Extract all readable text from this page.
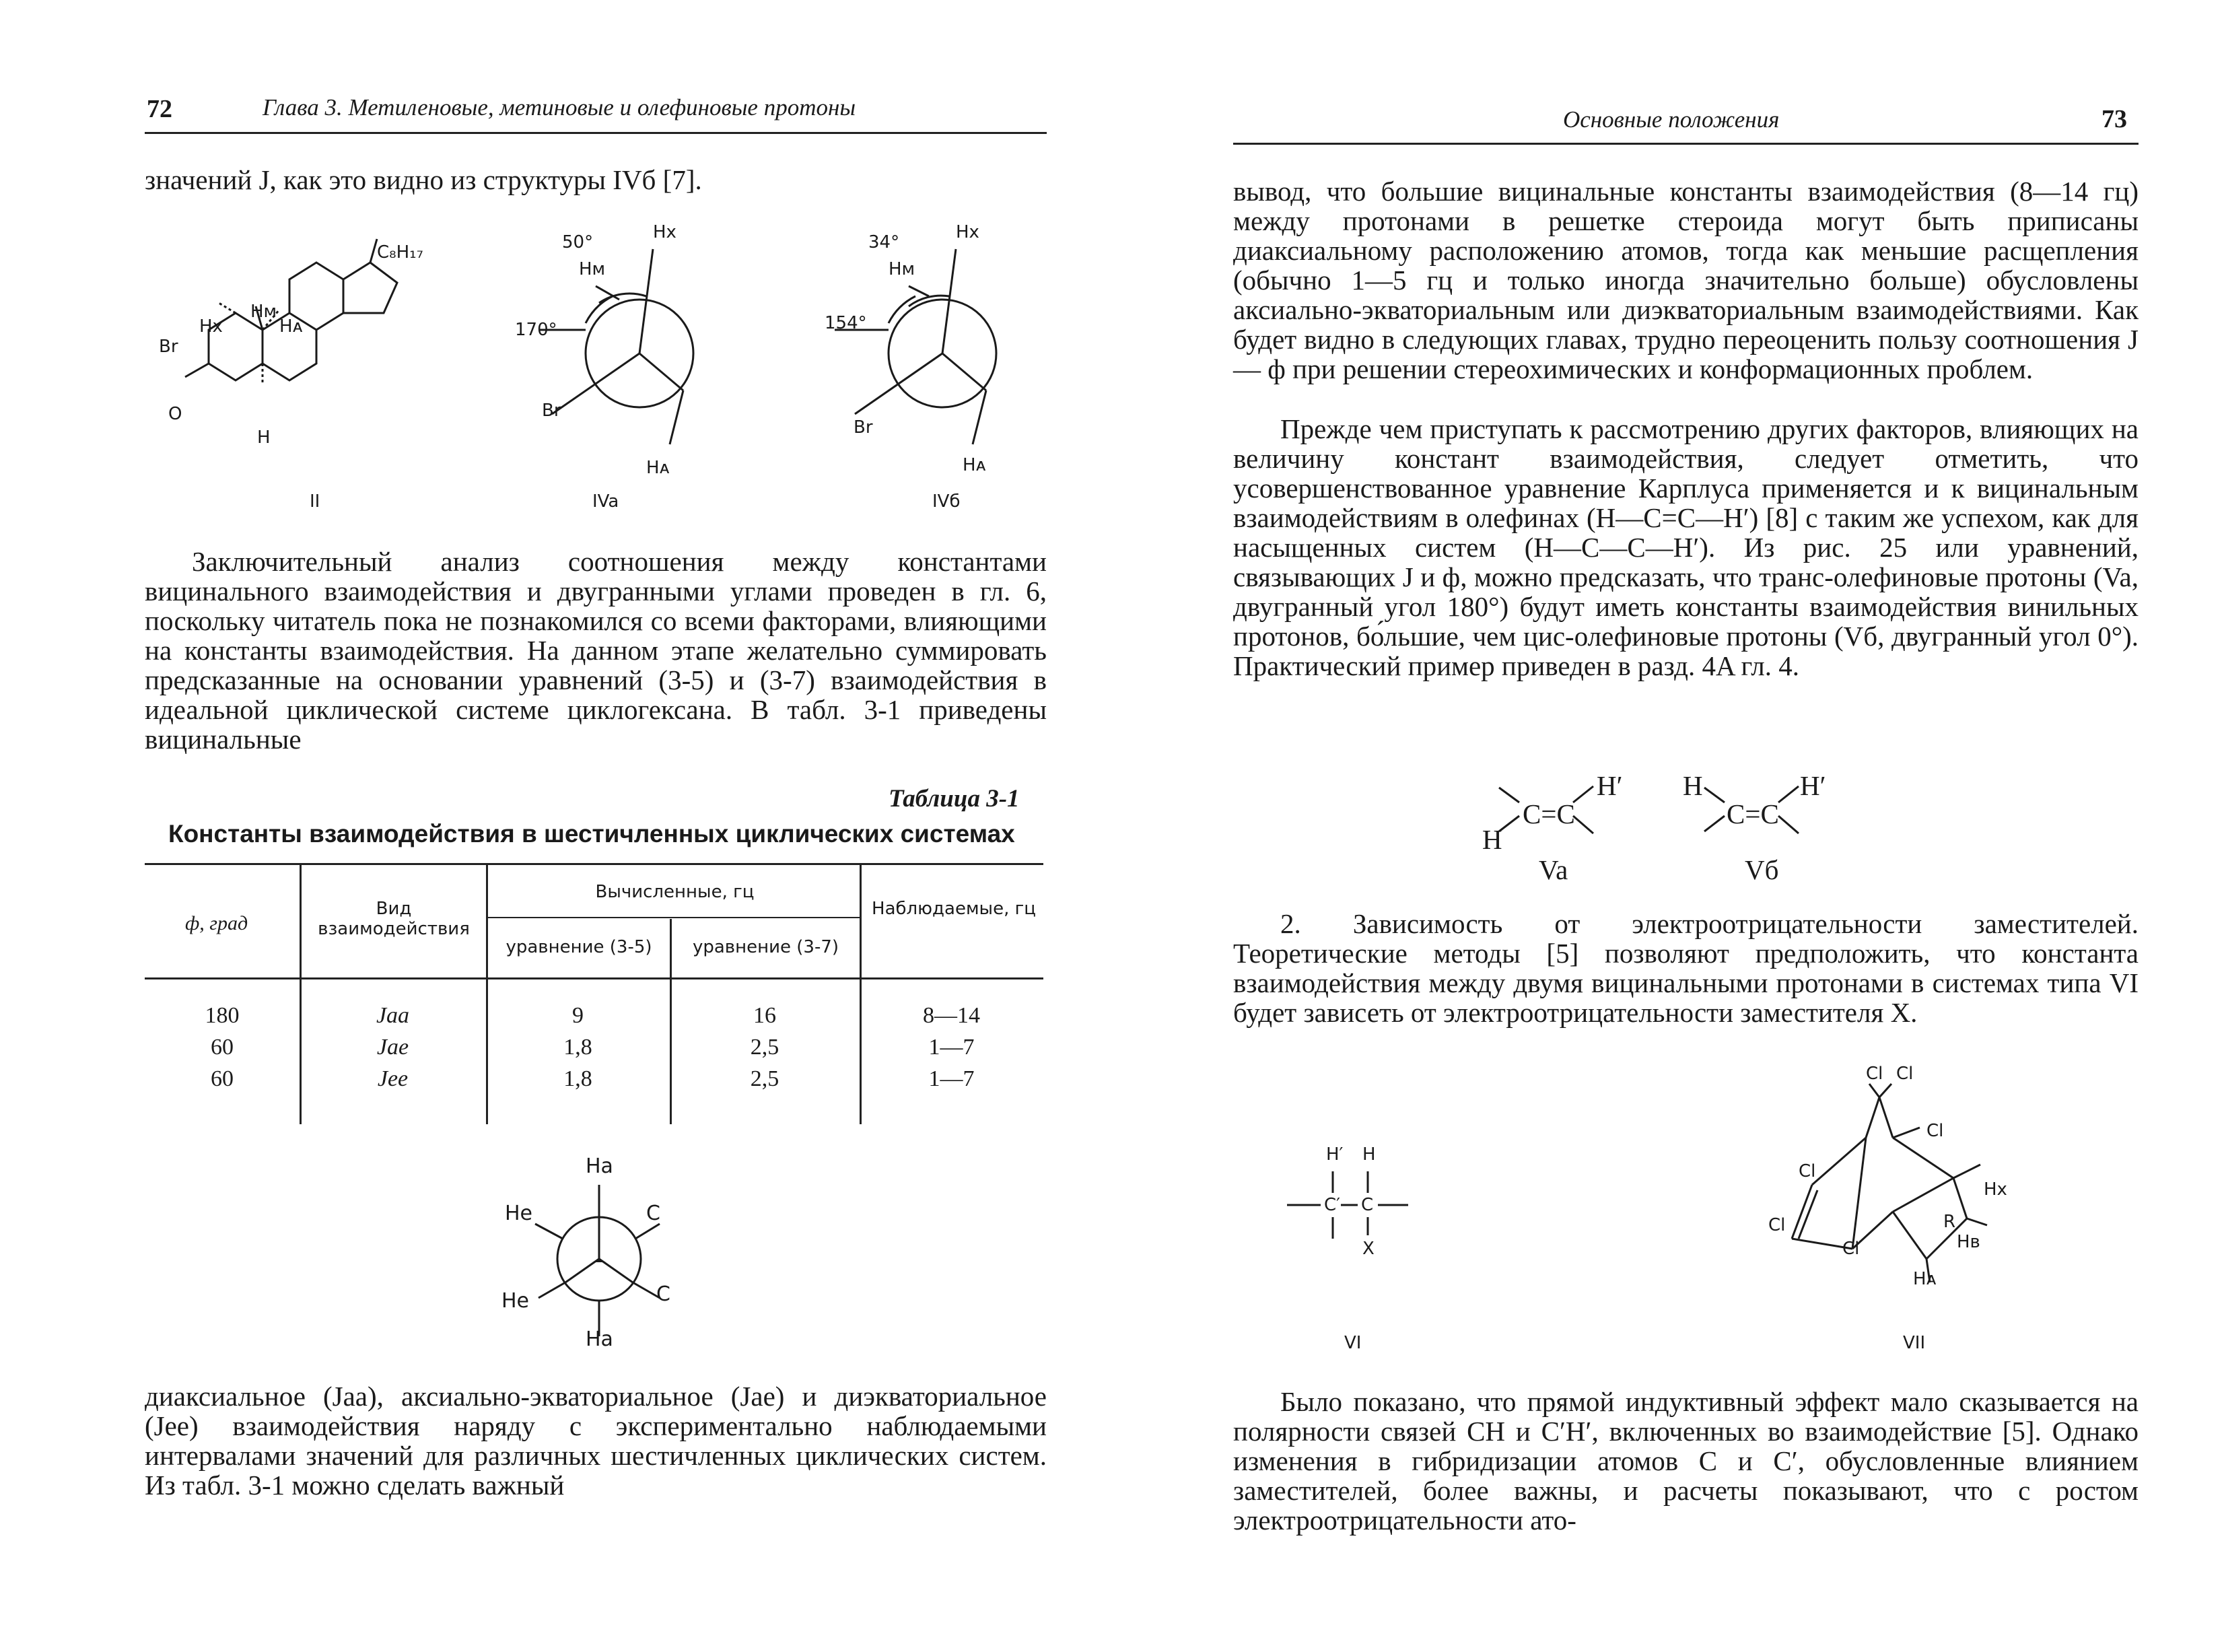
72	Глава 3. Метиленовые, метиновые и олефиновые протоны
значений J, как это видно из структуры IVб [7].
C₈H₁₇
Hм
Hx	Hᴀ
Br
O
H
II
50°	Hx
Hм
170°
Br
Hᴀ
IVa
34°	Hx
Hм
154°
Br
Hᴀ
IVб
Заключительный анализ соотношения между константами вицинального взаимодействия и двугранными углами проведен в гл. 6, поскольку читатель пока не познакомился со всеми факторами, влияющими на константы взаимодействия. На данном этапе желательно суммировать предсказанные на основании уравнений (3-5) и (3-7) взаимодействия в идеальной циклической системе циклогексана. В табл. 3-1 приведены вицинальные
Таблица 3-1
Константы взаимодействия в шестичленных циклических системах
ф, град
Вид взаимодействия
Вычисленные, гц
уравнение (3-5)	уравнение (3-7)
Наблюдаемые, гц
180	Jaa	9	16	8—14
60	Jae	1,8	2,5	1—7
60	Jee	1,8	2,5	1—7
Hа
Hе	C
Hе	C
Hа
диаксиальное (Jaa), аксиально-экваториальное (Jae) и диэкваториальное (Jee) взаимодействия наряду с экспериментально наблюдаемыми интервалами значений для различных шестичленных циклических систем. Из табл. 3-1 можно сделать важный
Основные положения	73
вывод, что большие вицинальные константы взаимодействия (8—14 гц) между протонами в решетке стероида могут быть приписаны диаксиальному расположению атомов, тогда как меньшие расщепления (обычно 1—5 гц и только иногда значительно больше) обусловлены аксиально-экваториальным или диэкваториальным взаимодействиями. Как будет видно в следующих главах, трудно переоценить пользу соотношения J — ф при решении стереохимических и конформационных проблем.
Прежде чем приступать к рассмотрению других факторов, влияющих на величину констант взаимодействия, следует отметить, что усовершенствованное уравнение Карплуса применяется и к вицинальным взаимодействиям в олефинах (H—C=C—H′) [8] с таким же успехом, как для насыщенных систем (H—C—C—H′). Из рис. 25 или уравнений, связывающих J и ф, можно предсказать, что транс-олефиновые протоны (Va, двугранный угол 180°) будут иметь константы взаимодействия винильных протонов, бо́льшие, чем цис-олефиновые протоны (Vб, двугранный угол 0°). Практический пример приведен в разд. 4A гл. 4.
C=C
H′
H
Va
C=C
H	H′
Vб
2. Зависимость от электроотрицательности заместителей. Теоретические методы [5] позволяют предположить, что константа взаимодействия между двумя вицинальными протонами в системах типа VI будет зависеть от электроотрицательности заместителя X.
H′ H
C′ C
X
VI
Cl Cl
Cl
Cl
Cl
Cl
Hx
R
Hв
Hᴀ
VII
Было показано, что прямой индуктивный эффект мало сказывается на полярности связей CH и C′H′, включенных во взаимодействие [5]. Однако изменения в гибридизации атомов C и C′, обусловленные влиянием заместителей, более важны, и расчеты показывают, что с ростом электроотрицательности ато-
